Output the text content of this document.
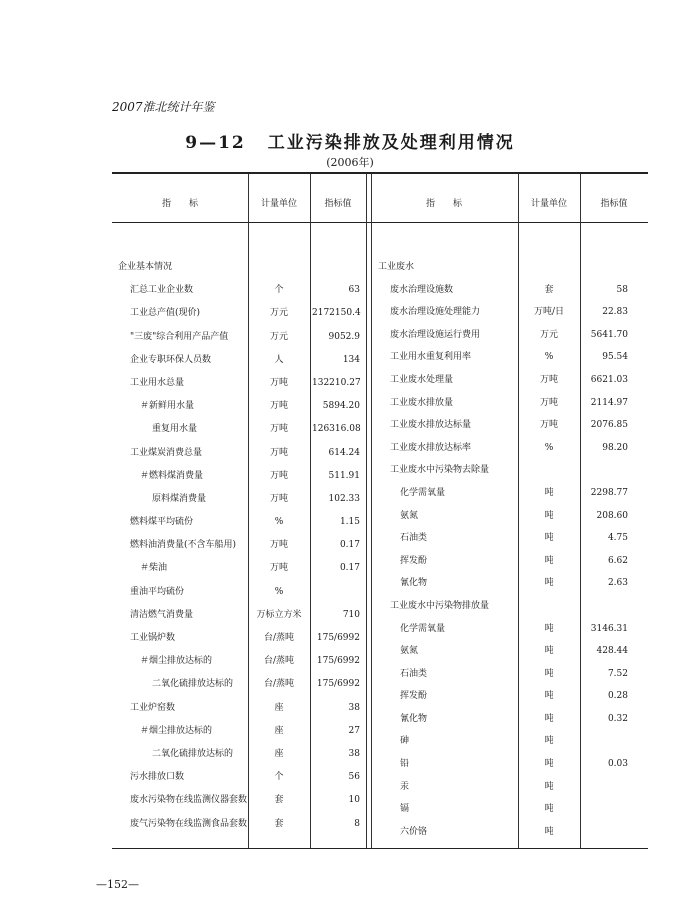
2007淮北统计年鉴
9—12 工业污染排放及处理利用情况
(2006年)
指　　标	计量单位	指标值	指　　标	计量单位	指标值
企业基本情况
汇总工业企业数	个	63
工业总产值(现价)	万元	2172150.4
"三废"综合利用产品产值	万元	9052.9
企业专职环保人员数	人	134
工业用水总量	万吨	132210.27
＃新鲜用水量	万吨	5894.20
重复用水量	万吨	126316.08
工业煤炭消费总量	万吨	614.24
＃燃料煤消费量	万吨	511.91
原料煤消费量	万吨	102.33
燃料煤平均硫份	%	1.15
燃料油消费量(不含车船用)	万吨	0.17
＃柴油	万吨	0.17
重油平均硫份	%
清洁燃气消费量	万标立方米	710
工业锅炉数	台/蒸吨	175/6992
＃烟尘排放达标的	台/蒸吨	175/6992
二氧化硫排放达标的	台/蒸吨	175/6992
工业炉窑数	座	38
＃烟尘排放达标的	座	27
二氧化硫排放达标的	座	38
污水排放口数	个	56
废水污染物在线监测仪器套数	套	10
废气污染物在线监测食品套数	套	8
工业废水
废水治理设施数	套	58
废水治理设施处理能力	万吨/日	22.83
废水治理设施运行费用	万元	5641.70
工业用水重复利用率	%	95.54
工业废水处理量	万吨	6621.03
工业废水排放量	万吨	2114.97
工业废水排放达标量	万吨	2076.85
工业废水排放达标率	%	98.20
工业废水中污染物去除量
化学需氧量	吨	2298.77
氨氮	吨	208.60
石油类	吨	4.75
挥发酚	吨	6.62
氰化物	吨	2.63
工业废水中污染物排放量
化学需氧量	吨	3146.31
氨氮	吨	428.44
石油类	吨	7.52
挥发酚	吨	0.28
氰化物	吨	0.32
砷	吨
铅	吨	0.03
汞	吨
镉	吨
六价铬	吨
—152—
